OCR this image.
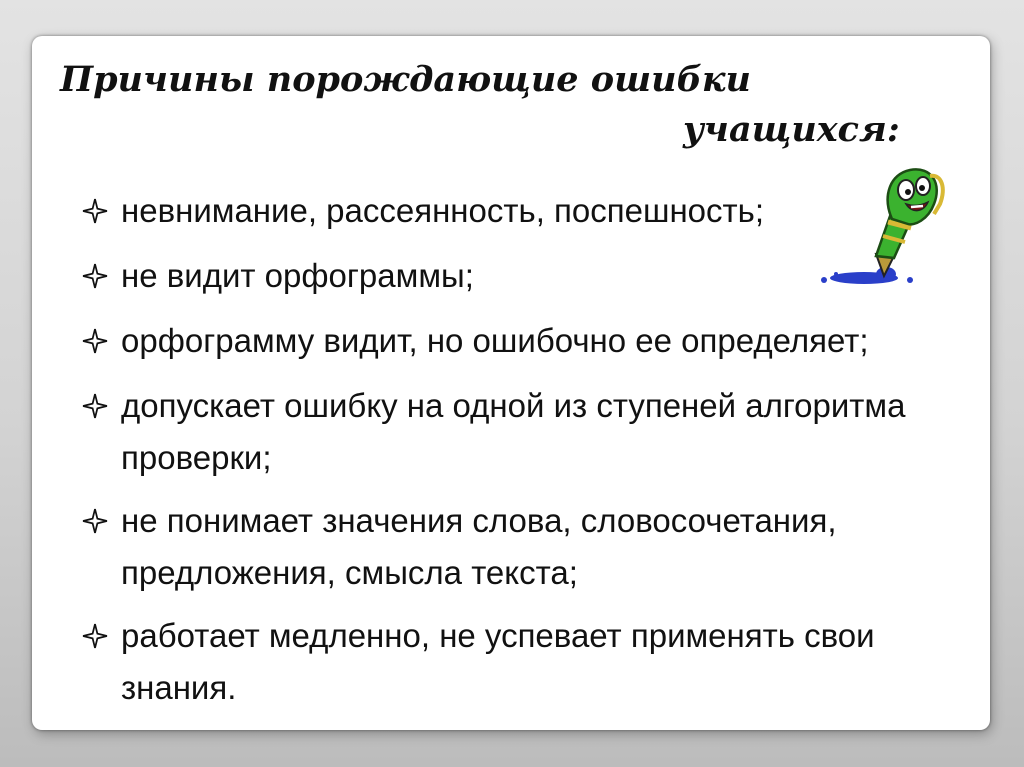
Причины порождающие ошибки
учащихся:
невнимание, рассеянность, поспешность;
не видит орфограммы;
орфограмму видит, но ошибочно ее определяет;
допускает ошибку на одной из ступеней алгоритма проверки;
не понимает значения слова, словосочетания, предложения, смысла текста;
работает медленно, не успевает применять свои знания.
